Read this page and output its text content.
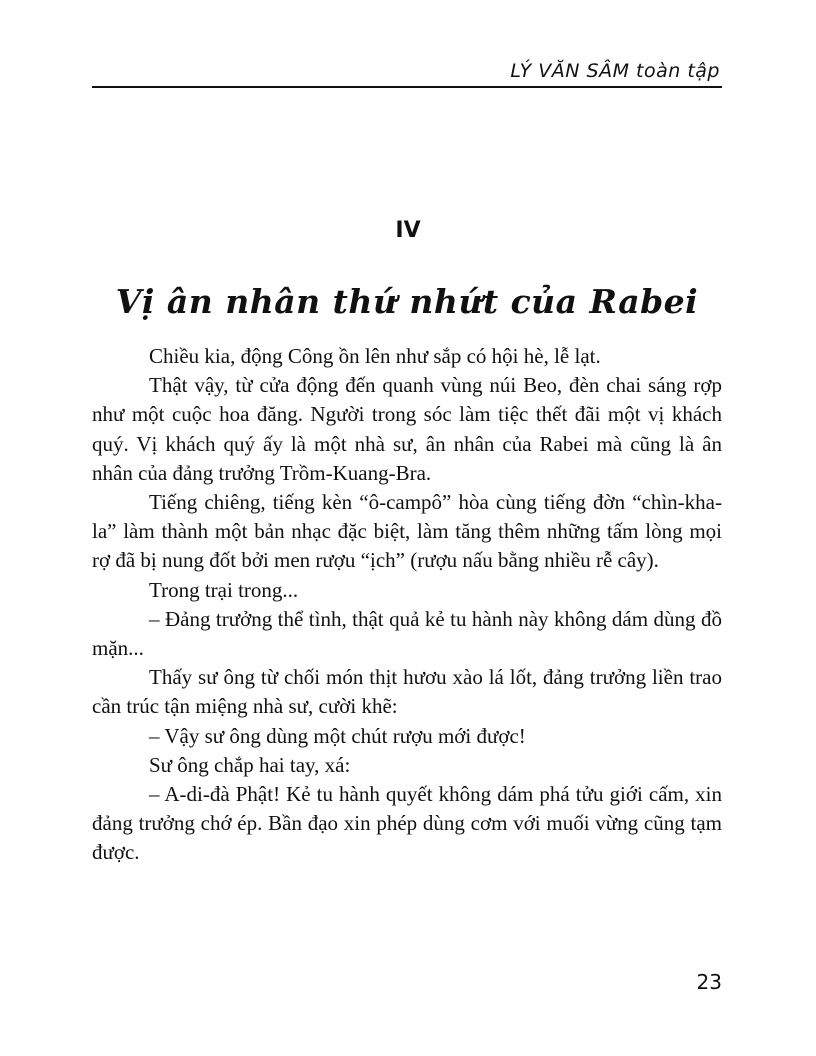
LÝ VĂN SÂM toàn tập
IV
Vị ân nhân thứ nhứt của Rabei

Chiều kia, động Công ồn lên như sắp có hội hè, lễ lạt.

Thật vậy, từ cửa động đến quanh vùng núi Beo, đèn chai sáng rợp như một cuộc hoa đăng. Người trong sóc làm tiệc thết đãi một vị khách quý. Vị khách quý ấy là một nhà sư, ân nhân của Rabei mà cũng là ân nhân của đảng trưởng Trồm-Kuang-Bra.

Tiếng chiêng, tiếng kèn “ô-campô” hòa cùng tiếng đờn “chìn-kha-la” làm thành một bản nhạc đặc biệt, làm tăng thêm những tấm lòng mọi rợ đã bị nung đốt bởi men rượu “ịch” (rượu nấu bằng nhiều rễ cây).

Trong trại trong...

– Đảng trưởng thể tình, thật quả kẻ tu hành này không dám dùng đồ mặn...

Thấy sư ông từ chối món thịt hươu xào lá lốt, đảng trưởng liền trao cần trúc tận miệng nhà sư, cười khẽ:

– Vậy sư ông dùng một chút rượu mới được!

Sư ông chắp hai tay, xá:

– A-di-đà Phật! Kẻ tu hành quyết không dám phá tửu giới cấm, xin đảng trưởng chớ ép. Bần đạo xin phép dùng cơm với muối vừng cũng tạm được.

23
